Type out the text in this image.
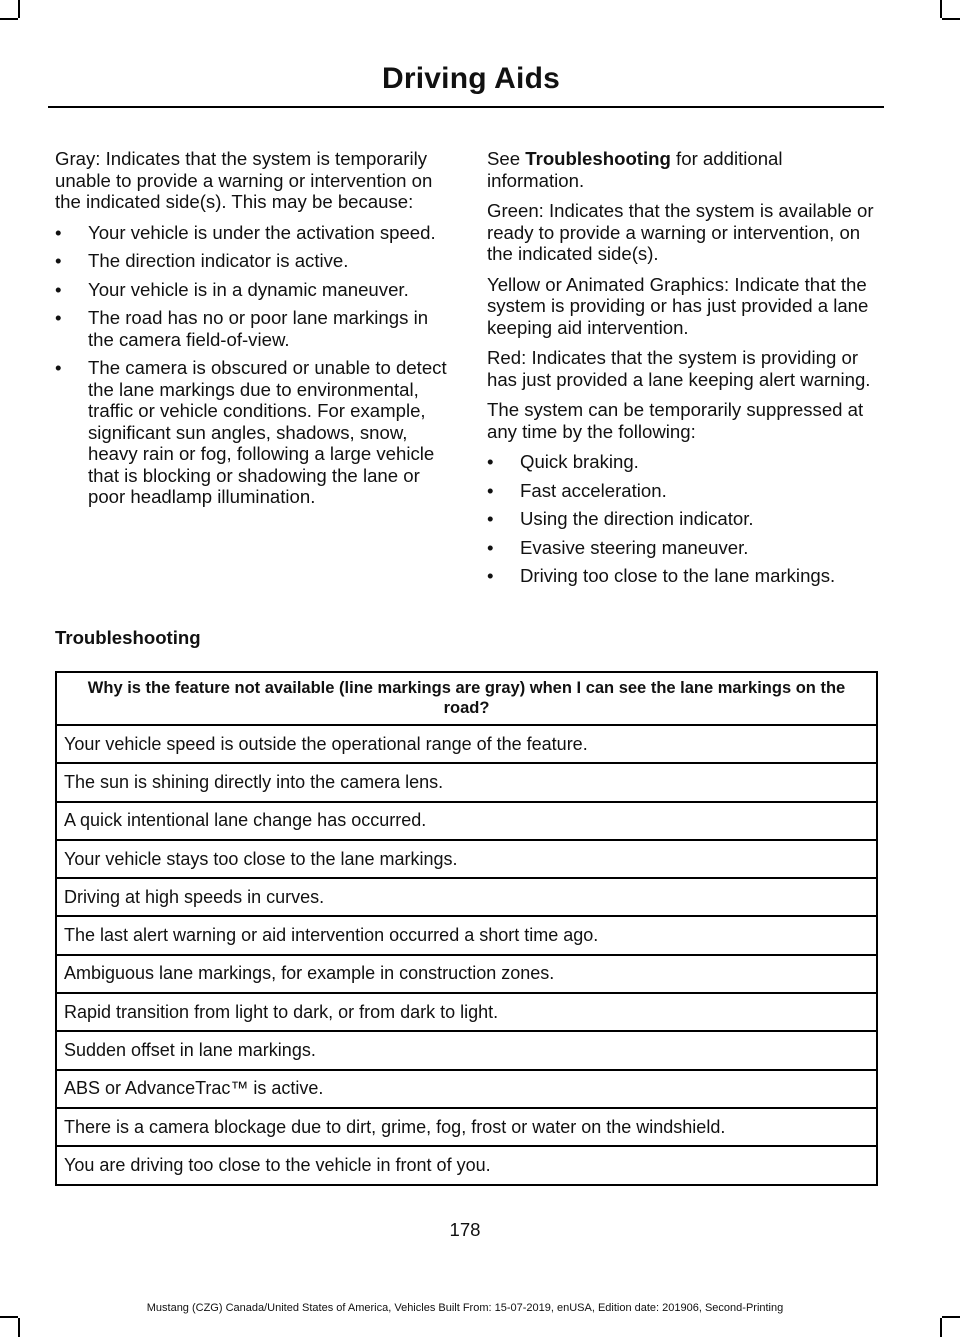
Driving Aids

Gray: Indicates that the system is temporarily unable to provide a warning or intervention on the indicated side(s). This may be because:

• Your vehicle is under the activation speed.
• The direction indicator is active.
• Your vehicle is in a dynamic maneuver.
• The road has no or poor lane markings in the camera field-of-view.
• The camera is obscured or unable to detect the lane markings due to environmental, traffic or vehicle conditions. For example, significant sun angles, shadows, snow, heavy rain or fog, following a large vehicle that is blocking or shadowing the lane or poor headlamp illumination.

See Troubleshooting for additional information.

Green: Indicates that the system is available or ready to provide a warning or intervention, on the indicated side(s).

Yellow or Animated Graphics: Indicate that the system is providing or has just provided a lane keeping aid intervention.

Red: Indicates that the system is providing or has just provided a lane keeping alert warning.

The system can be temporarily suppressed at any time by the following:

• Quick braking.
• Fast acceleration.
• Using the direction indicator.
• Evasive steering maneuver.
• Driving too close to the lane markings.
Troubleshooting
Why is the feature not available (line markings are gray) when I can see the lane markings on the road?
Your vehicle speed is outside the operational range of the feature.
The sun is shining directly into the camera lens.
A quick intentional lane change has occurred.
Your vehicle stays too close to the lane markings.
Driving at high speeds in curves.
The last alert warning or aid intervention occurred a short time ago.
Ambiguous lane markings, for example in construction zones.
Rapid transition from light to dark, or from dark to light.
Sudden offset in lane markings.
ABS or AdvanceTrac™ is active.
There is a camera blockage due to dirt, grime, fog, frost or water on the windshield.
You are driving too close to the vehicle in front of you.
178
Mustang (CZG) Canada/United States of America, Vehicles Built From: 15-07-2019, enUSA, Edition date: 201906, Second-Printing
